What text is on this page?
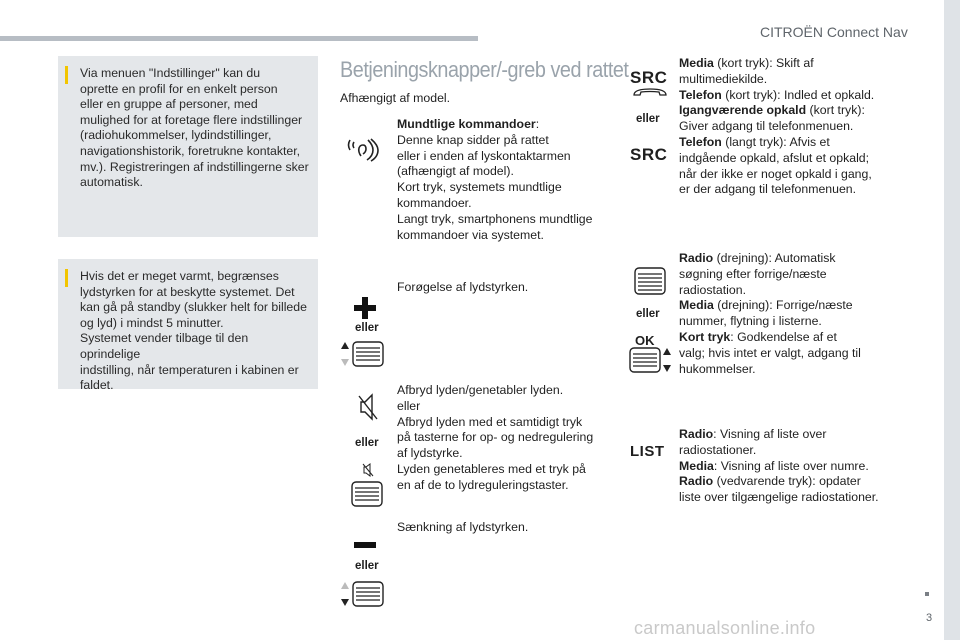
CITROËN Connect Nav

Via menuen "Indstillinger" kan du
oprette en profil for en enkelt person
eller en gruppe af personer, med
mulighed for at foretage flere indstillinger
(radiohukommelser, lydindstillinger,
navigationshistorik, foretrukne kontakter,
mv.). Registreringen af indstillingerne sker
automatisk.

Hvis det er meget varmt, begrænses
lydstyrken for at beskytte systemet. Det
kan gå på standby (slukker helt for billede
og lyd) i mindst 5 minutter.
Systemet vender tilbage til den oprindelige
indstilling, når temperaturen i kabinen er
faldet.

Betjeningsknapper/-greb ved rattet
Afhængigt af model.
Mundtlige kommandoer:
Denne knap sidder på rattet
eller i enden af lyskontaktarmen
(afhængigt af model).
Kort tryk, systemets mundtlige
kommandoer.
Langt tryk, smartphonens mundtlige
kommandoer via systemet.
eller
Forøgelse af lydstyrken.
eller
Afbryd lyden/genetabler lyden.
eller
Afbryd lyden med et samtidigt tryk
på tasterne for op- og nedregulering
af lydstyrke.
Lyden genetableres med et tryk på
en af de to lydreguleringstaster.
eller
Sænkning af lydstyrken.
SRC
eller
SRC
Media (kort tryk): Skift af
multimediekilde.
Telefon (kort tryk): Indled et opkald.
Igangværende opkald (kort tryk):
Giver adgang til telefonmenuen.
Telefon (langt tryk): Afvis et
indgående opkald, afslut et opkald;
når der ikke er noget opkald i gang,
er der adgang til telefonmenuen.
eller
OK
Radio (drejning): Automatisk
søgning efter forrige/næste
radiostation.
Media (drejning): Forrige/næste
nummer, flytning i listerne.
Kort tryk: Godkendelse af et
valg; hvis intet er valgt, adgang til
hukommelser.
LIST
Radio: Visning af liste over
radiostationer.
Media: Visning af liste over numre.
Radio (vedvarende tryk): opdater
liste over tilgængelige radiostationer.
3
carmanualsonline.info
